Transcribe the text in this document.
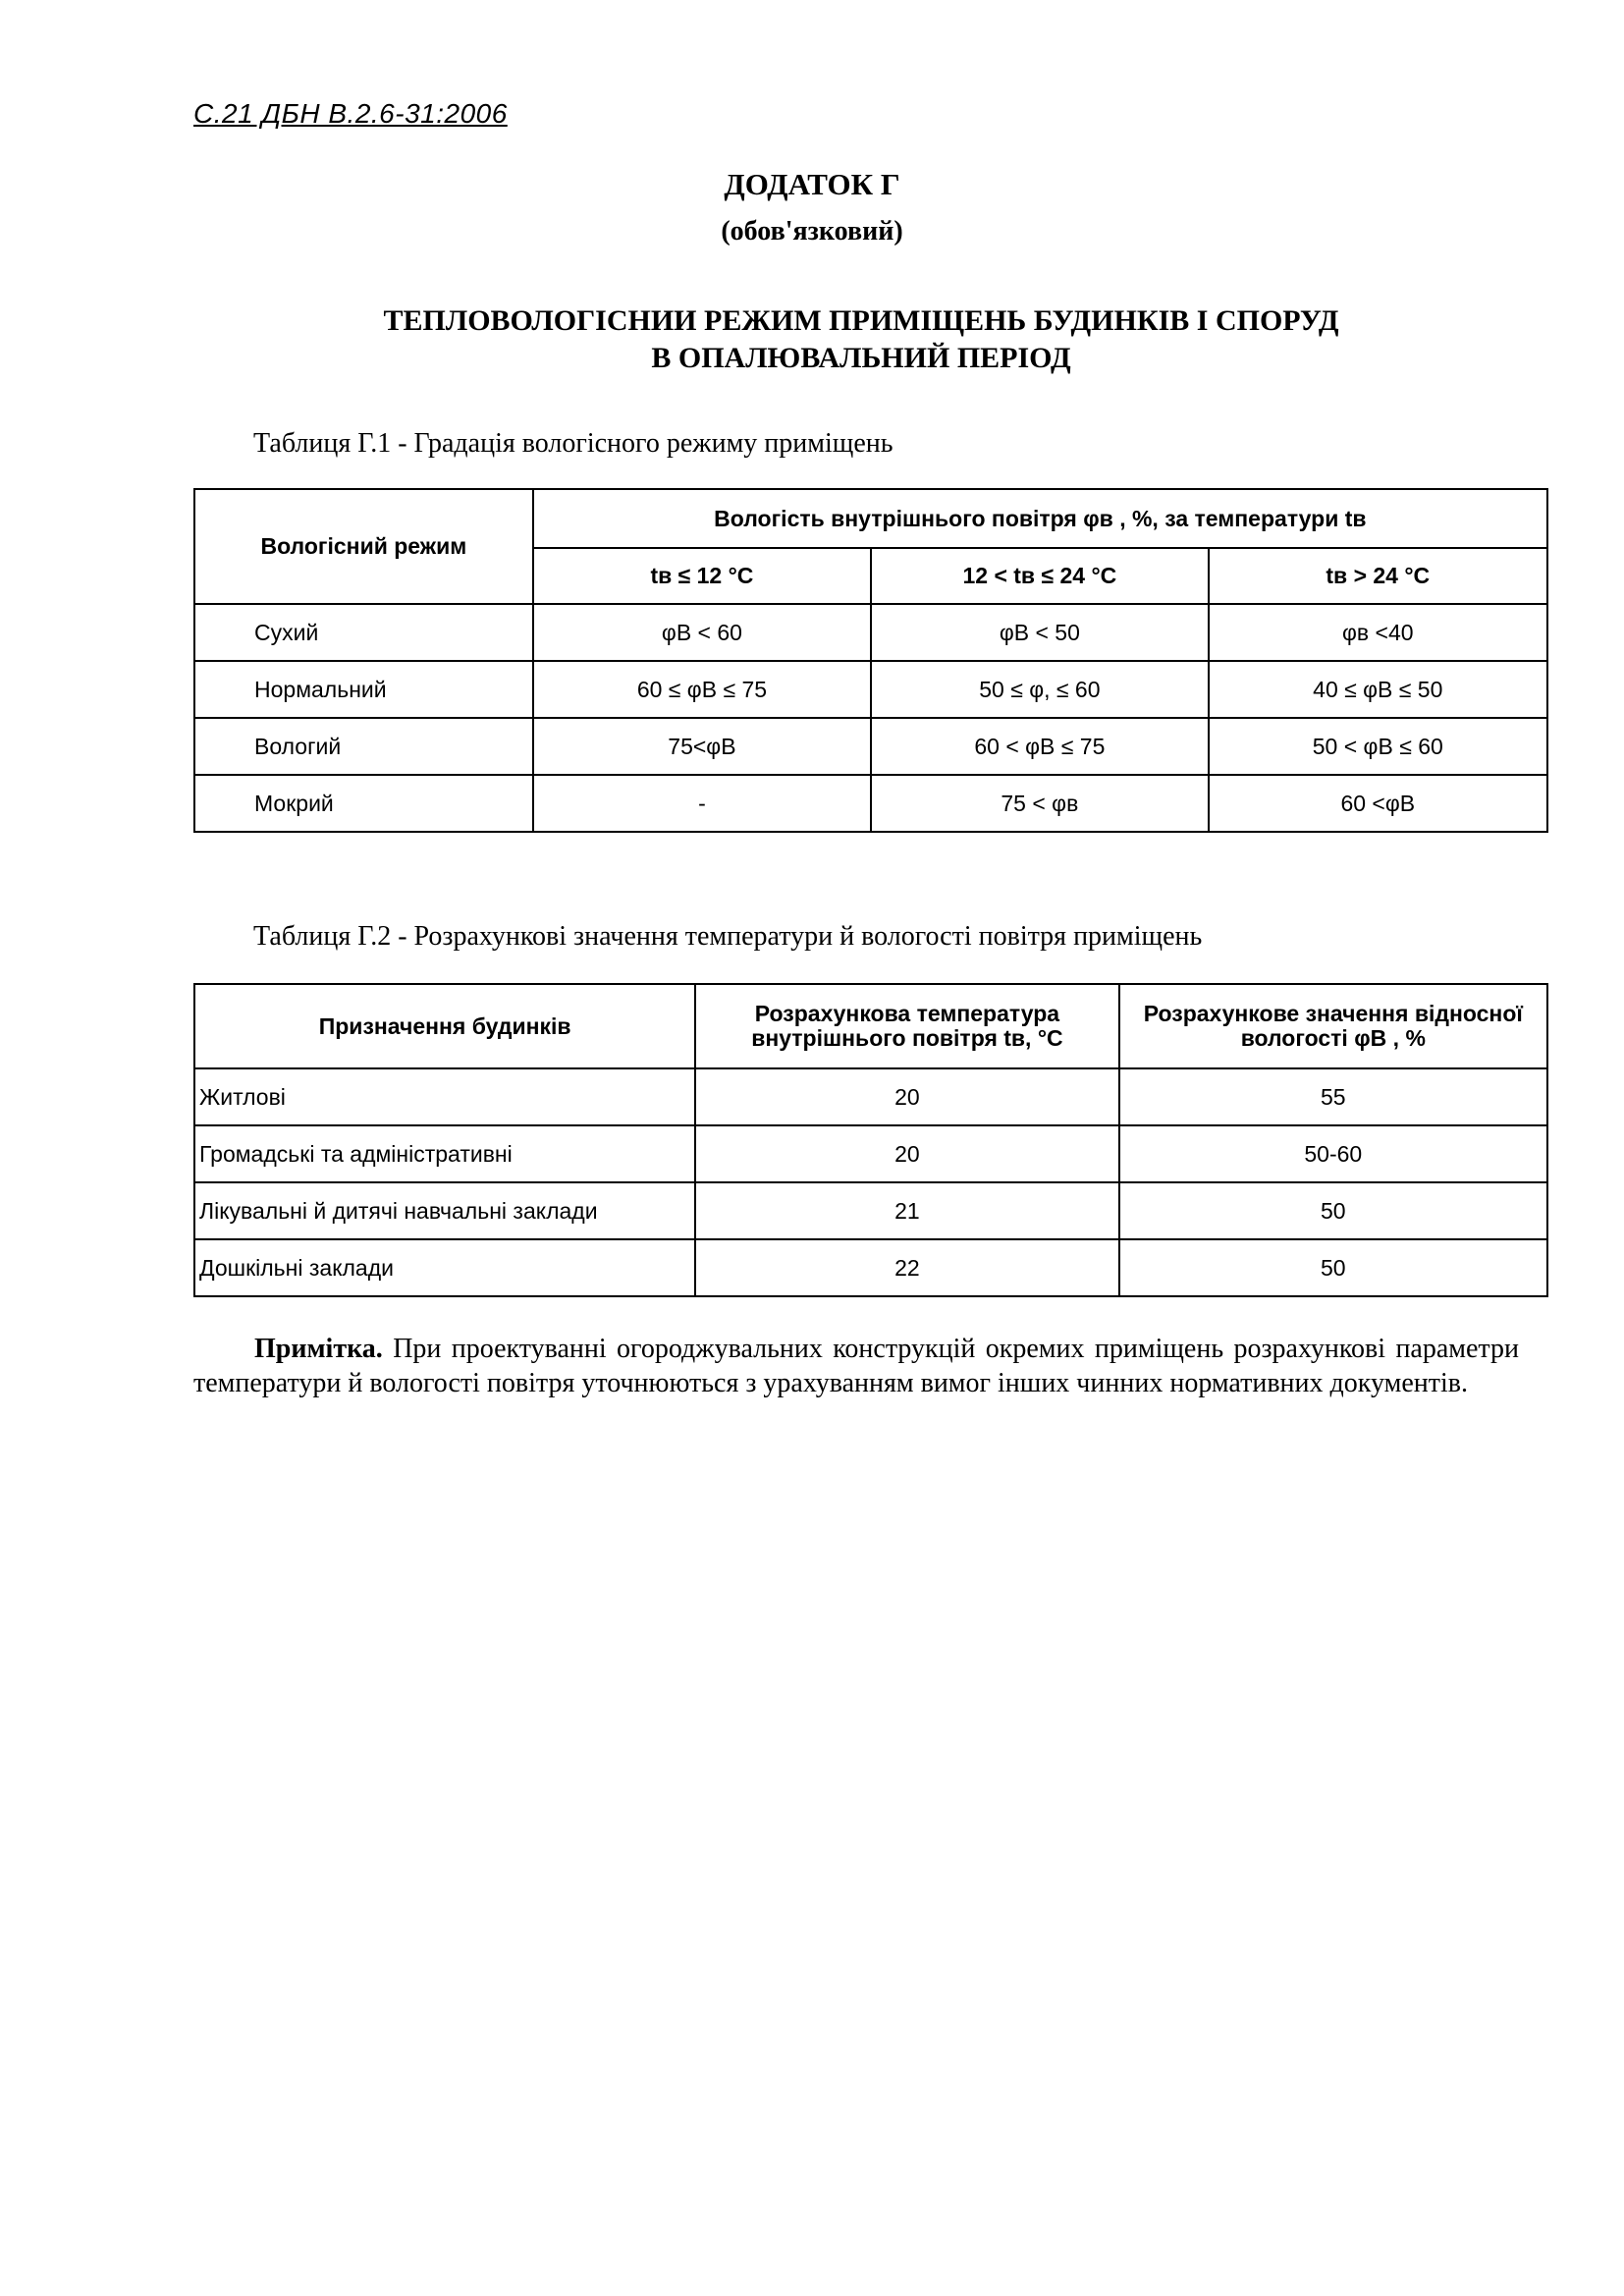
С.21 ДБН В.2.6-31:2006
ДОДАТОК Г
(обов'язковий)
ТЕПЛОВОЛОГІСНИИ РЕЖИМ ПРИМІЩЕНЬ БУДИНКІВ І СПОРУД
В ОПАЛЮВАЛЬНИЙ ПЕРІОД
Таблиця Г.1 - Градація вологісного режиму приміщень
Вологісний режим	Вологість внутрішнього повітря φв , %, за температури tв		
	tв ≤ 12 °C	12 < tв ≤ 24 °C	tв > 24 °C
Сухий	φВ < 60	φВ < 50	φв <40
Нормальний	60 ≤ φВ ≤ 75	50 ≤ φ, ≤ 60	40 ≤ φВ ≤ 50
Вологий	75<φВ	60 < φВ ≤ 75	50 < φВ ≤ 60
Мокрий	-	75 < φв	60 <φВ
Таблиця Г.2 - Розрахункові значення температури й вологості повітря приміщень
Призначення будинків	Розрахункова температура внутрішнього повітря tв, °С	Розрахункове значення відносної вологості φВ , %
Житлові	20	55
Громадські та адміністративні	20	50-60
Лікувальні й дитячі навчальні заклади	21	50
Дошкільні заклади	22	50
Примітка. При проектуванні огороджувальних конструкцій окремих приміщень розрахункові параметри температури й вологості повітря уточнюються з урахуванням вимог інших чинних нормативних документів.
